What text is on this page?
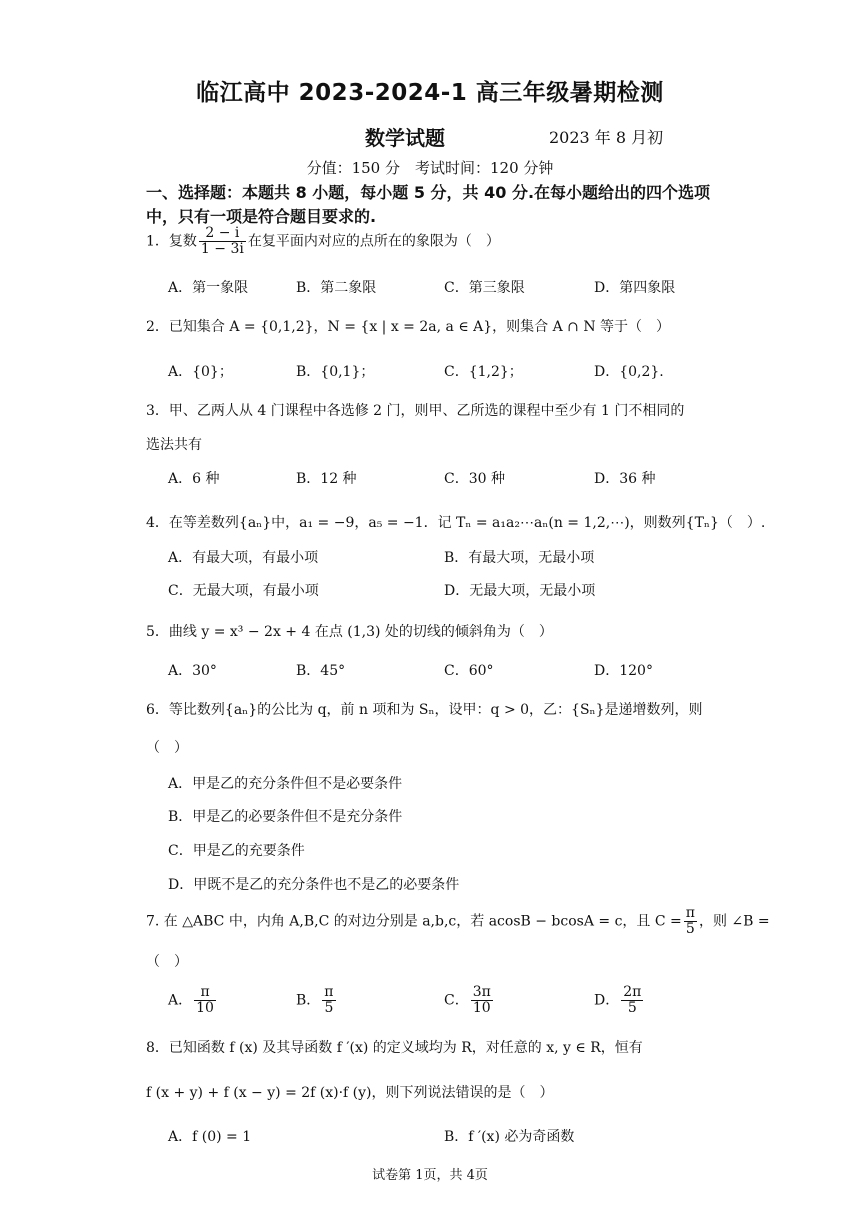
临江高中 2023-2024-1 高三年级暑期检测
数学试题	2023 年 8 月初
分值：150 分　考试时间：120 分钟
一、选择题：本题共 8 小题，每小题 5 分，共 40 分.在每小题给出的四个选项中，只有一项是符合题目要求的.
1．复数 $\frac{2 - i}{1 - 3i}$ 在复平面内对应的点所在的象限为（　）
A．第一象限	B．第二象限	C．第三象限	D．第四象限
2．已知集合 A = {0,1,2}，N = {x | x = 2a, a ∈ A}，则集合 A ∩ N 等于（　）
A．{0}；	B．{0,1}；	C．{1,2}；	D．{0,2}.
3．甲、乙两人从 4 门课程中各选修 2 门，则甲、乙所选的课程中至少有 1 门不相同的
选法共有
A．6 种	B．12 种	C．30 种	D．36 种
4．在等差数列{aₙ}中，a₁ = −9，a₅ = −1．记 Tₙ = a₁a₂⋯aₙ(n = 1,2,⋯)，则数列{Tₙ}（　）.
A．有最大项，有最小项	B．有最大项，无最小项
C．无最大项，有最小项	D．无最大项，无最小项
5．曲线 y = x³ − 2x + 4 在点 (1,3) 处的切线的倾斜角为（　）
A．30°	B．45°	C．60°	D．120°
6．等比数列{aₙ}的公比为 q，前 n 项和为 Sₙ，设甲：q > 0，乙：{Sₙ}是递增数列，则
（　）
A．甲是乙的充分条件但不是必要条件
B．甲是乙的必要条件但不是充分条件
C．甲是乙的充要条件
D．甲既不是乙的充分条件也不是乙的必要条件
7. 在 △ABC 中，内角 A,B,C 的对边分别是 a,b,c，若 acosB − bcosA = c，且 $C = \frac{\pi}{5}$ ，则 ∠B =
（　）
A． $\frac{\pi}{10}$	B． $\frac{\pi}{5}$	C． $\frac{3\pi}{10}$	D． $\frac{2\pi}{5}$
8．已知函数 f (x) 及其导函数 f ′(x) 的定义域均为 R，对任意的 x, y ∈ R，恒有
f (x + y) + f (x − y) = 2f (x)·f (y)，则下列说法错误的是（　）
A．f (0) = 1	B．f ′(x) 必为奇函数
试卷第 1页，共 4页
